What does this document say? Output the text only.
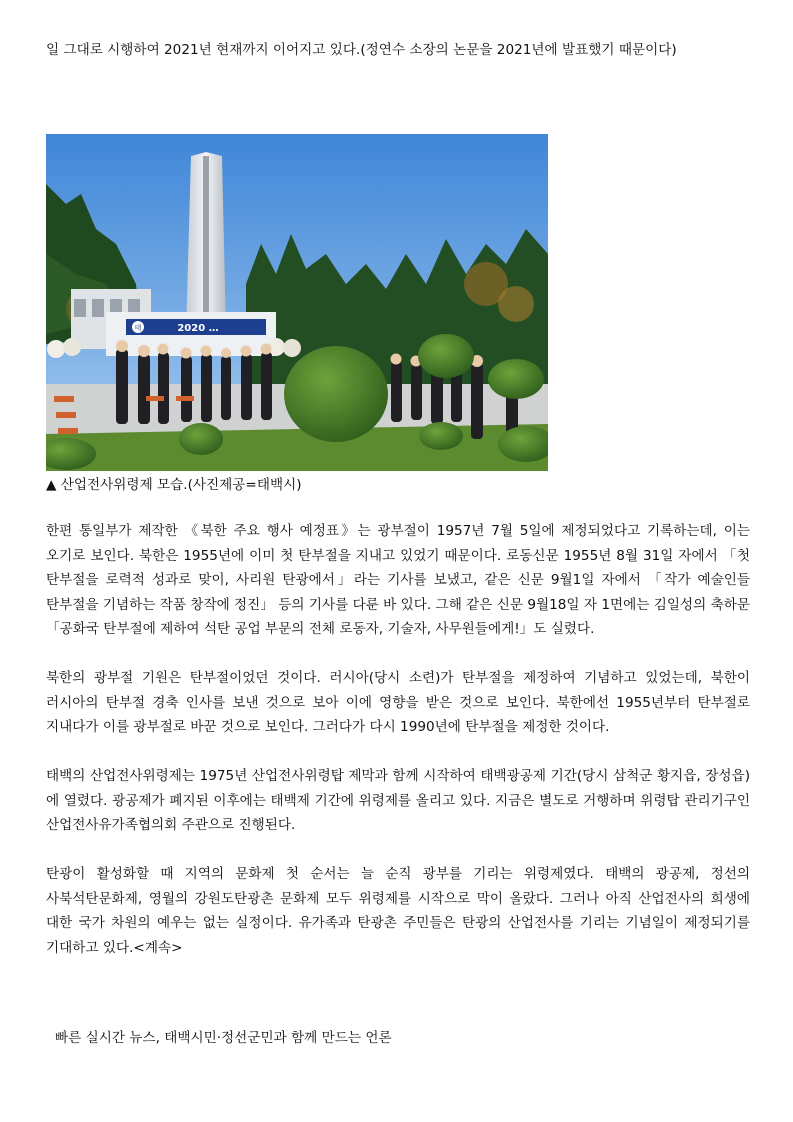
일 그대로 시행하여 2021년 현재까지 이어지고 있다.(정연수 소장의 논문을 2021년에 발표했기 때문이다)

태	2020 …
▲ 산업전사위령제 모습.(사진제공=태백시)

한편 통일부가 제작한 《북한 주요 행사 예정표》는 광부절이 1957년 7월 5일에 제정되었다고 기록하는데, 이는 오기로 보인다. 북한은 1955년에 이미 첫 탄부절을 지내고 있었기 때문이다. 로동신문 1955년 8월 31일 자에서 「첫 탄부절을 로력적 성과로 맞이, 사리원 탄광에서」라는 기사를 보냈고, 같은 신문 9월1일 자에서 「작가 예술인들 탄부절을 기념하는 작품 창작에 정진」 등의 기사를 다룬 바 있다. 그해 같은 신문 9월18일 자 1면에는 김일성의 축하문 「공화국 탄부절에 제하여 석탄 공업 부문의 전체 로동자, 기술자, 사무원들에게!」도 실렸다.

북한의 광부절 기원은 탄부절이었던 것이다. 러시아(당시 소련)가 탄부절을 제정하여 기념하고 있었는데, 북한이 러시아의 탄부절 경축 인사를 보낸 것으로 보아 이에 영향을 받은 것으로 보인다. 북한에선 1955년부터 탄부절로 지내다가 이를 광부절로 바꾼 것으로 보인다. 그러다가 다시 1990년에 탄부절을 제정한 것이다.

태백의 산업전사위령제는 1975년 산업전사위령탑 제막과 함께 시작하여 태백광공제 기간(당시 삼척군 황지읍, 장성읍)에 열렸다. 광공제가 폐지된 이후에는 태백제 기간에 위령제를 올리고 있다. 지금은 별도로 거행하며 위령탑 관리기구인 산업전사유가족협의회 주관으로 진행된다.

탄광이 활성화할 때 지역의 문화제 첫 순서는 늘 순직 광부를 기리는 위령제였다. 태백의 광공제, 정선의 사북석탄문화제, 영월의 강원도탄광촌 문화제 모두 위령제를 시작으로 막이 올랐다. 그러나 아직 산업전사의 희생에 대한 국가 차원의 예우는 없는 실정이다. 유가족과 탄광촌 주민들은 탄광의 산업전사를 기리는 기념일이 제정되기를 기대하고 있다.<계속>

빠른 실시간 뉴스, 태백시민·정선군민과 함께 만드는 언론
